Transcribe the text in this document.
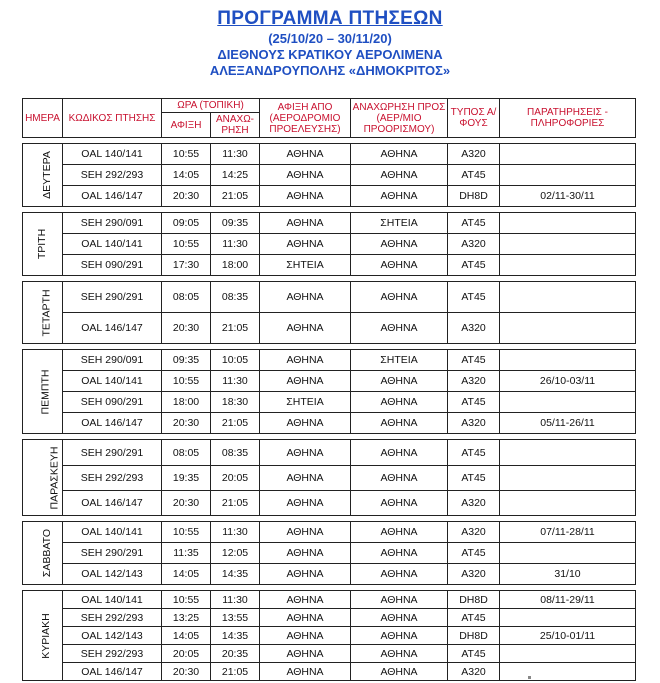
ΠΡΟΓΡΑΜΜΑ ΠΤΗΣΕΩΝ
(25/10/20 – 30/11/20)
ΔΙΕΘΝΟΥΣ ΚΡΑΤΙΚΟΥ ΑΕΡΟΛΙΜΕΝΑ
ΑΛΕΞΑΝΔΡΟΥΠΟΛΗΣ «ΔΗΜΟΚΡΙΤΟΣ»
ΗΜΕΡΑ	ΚΩΔΙΚΟΣ ΠΤΗΣΗΣ	ΩΡΑ (ΤΟΠΙΚΗ)		ΑΦΙΞΗ ΑΠΟ (ΑΕΡΟΔΡΟΜΙΟ ΠΡΟΕΛΕΥΣΗΣ)	ΑΝΑΧΩΡΗΣΗ ΠΡΟΣ (ΑΕΡ/ΜΙΟ ΠΡΟΟΡΙΣΜΟΥ)	ΤΥΠΟΣ Α/ΦΟΥΣ	ΠΑΡΑΤΗΡΗΣΕΙΣ - ΠΛΗΡΟΦΟΡΙΕΣ
		ΑΦΙΞΗ	ΑΝΑΧΩ-ΡΗΣΗ				

ΔΕΥΤΕΡΑ	OAL 140/141	10:55	11:30	ΑΘΗΝΑ	ΑΘΗΝΑ	A320	
	SEH 292/293	14:05	14:25	ΑΘΗΝΑ	ΑΘΗΝΑ	AT45	
	OAL 146/147	20:30	21:05	ΑΘΗΝΑ	ΑΘΗΝΑ	DH8D	02/11-30/11

ΤΡΙΤΗ	SEH 290/091	09:05	09:35	ΑΘΗΝΑ	ΣΗΤΕΙΑ	AT45	
	OAL 140/141	10:55	11:30	ΑΘΗΝΑ	ΑΘΗΝΑ	A320	
	SEH 090/291	17:30	18:00	ΣΗΤΕΙΑ	ΑΘΗΝΑ	AT45	

ΤΕΤΑΡΤΗ	SEH 290/291	08:05	08:35	ΑΘΗΝΑ	ΑΘΗΝΑ	AT45	
	OAL 146/147	20:30	21:05	ΑΘΗΝΑ	ΑΘΗΝΑ	A320	

ΠΕΜΠΤΗ	SEH 290/091	09:35	10:05	ΑΘΗΝΑ	ΣΗΤΕΙΑ	AT45	
	OAL 140/141	10:55	11:30	ΑΘΗΝΑ	ΑΘΗΝΑ	A320	26/10-03/11
	SEH 090/291	18:00	18:30	ΣΗΤΕΙΑ	ΑΘΗΝΑ	AT45	
	OAL 146/147	20:30	21:05	ΑΘΗΝΑ	ΑΘΗΝΑ	A320	05/11-26/11

ΠΑΡΑΣΚΕΥΗ	SEH 290/291	08:05	08:35	ΑΘΗΝΑ	ΑΘΗΝΑ	AT45	
	SEH 292/293	19:35	20:05	ΑΘΗΝΑ	ΑΘΗΝΑ	AT45	
	OAL 146/147	20:30	21:05	ΑΘΗΝΑ	ΑΘΗΝΑ	A320	

ΣΑΒΒΑΤΟ	OAL 140/141	10:55	11:30	ΑΘΗΝΑ	ΑΘΗΝΑ	A320	07/11-28/11
	SEH 290/291	11:35	12:05	ΑΘΗΝΑ	ΑΘΗΝΑ	AT45	
	OAL 142/143	14:05	14:35	ΑΘΗΝΑ	ΑΘΗΝΑ	A320	31/10

ΚΥΡΙΑΚΗ	OAL 140/141	10:55	11:30	ΑΘΗΝΑ	ΑΘΗΝΑ	DH8D	08/11-29/11
	SEH 292/293	13:25	13:55	ΑΘΗΝΑ	ΑΘΗΝΑ	AT45	
	OAL 142/143	14:05	14:35	ΑΘΗΝΑ	ΑΘΗΝΑ	DH8D	25/10-01/11
	SEH 292/293	20:05	20:35	ΑΘΗΝΑ	ΑΘΗΝΑ	AT45	
	OAL 146/147	20:30	21:05	ΑΘΗΝΑ	ΑΘΗΝΑ	A320	
